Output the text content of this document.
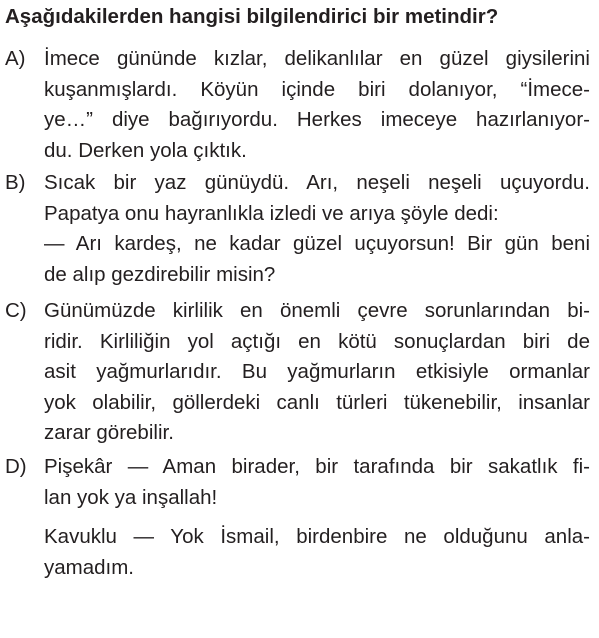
Aşağıdakilerden hangisi bilgilendirici bir metindir?
A) İmece gününde kızlar, delikanlılar en güzel giysilerini
kuşanmışlardı. Köyün içinde biri dolanıyor, “İmece-
ye…” diye bağırıyordu. Herkes imeceye hazırlanıyor-
du. Derken yola çıktık.
B) Sıcak bir yaz günüydü. Arı, neşeli neşeli uçuyordu.
Papatya onu hayranlıkla izledi ve arıya şöyle dedi:
— Arı kardeş, ne kadar güzel uçuyorsun! Bir gün beni
de alıp gezdirebilir misin?
C) Günümüzde kirlilik en önemli çevre sorunlarından bi-
ridir. Kirliliğin yol açtığı en kötü sonuçlardan biri de
asit yağmurlarıdır. Bu yağmurların etkisiyle ormanlar
yok olabilir, göllerdeki canlı türleri tükenebilir, insanlar
zarar görebilir.
D) Pişekâr — Aman birader, bir tarafında bir sakatlık fi-
lan yok ya inşallah!
Kavuklu — Yok İsmail, birdenbire ne olduğunu anla-
yamadım.
